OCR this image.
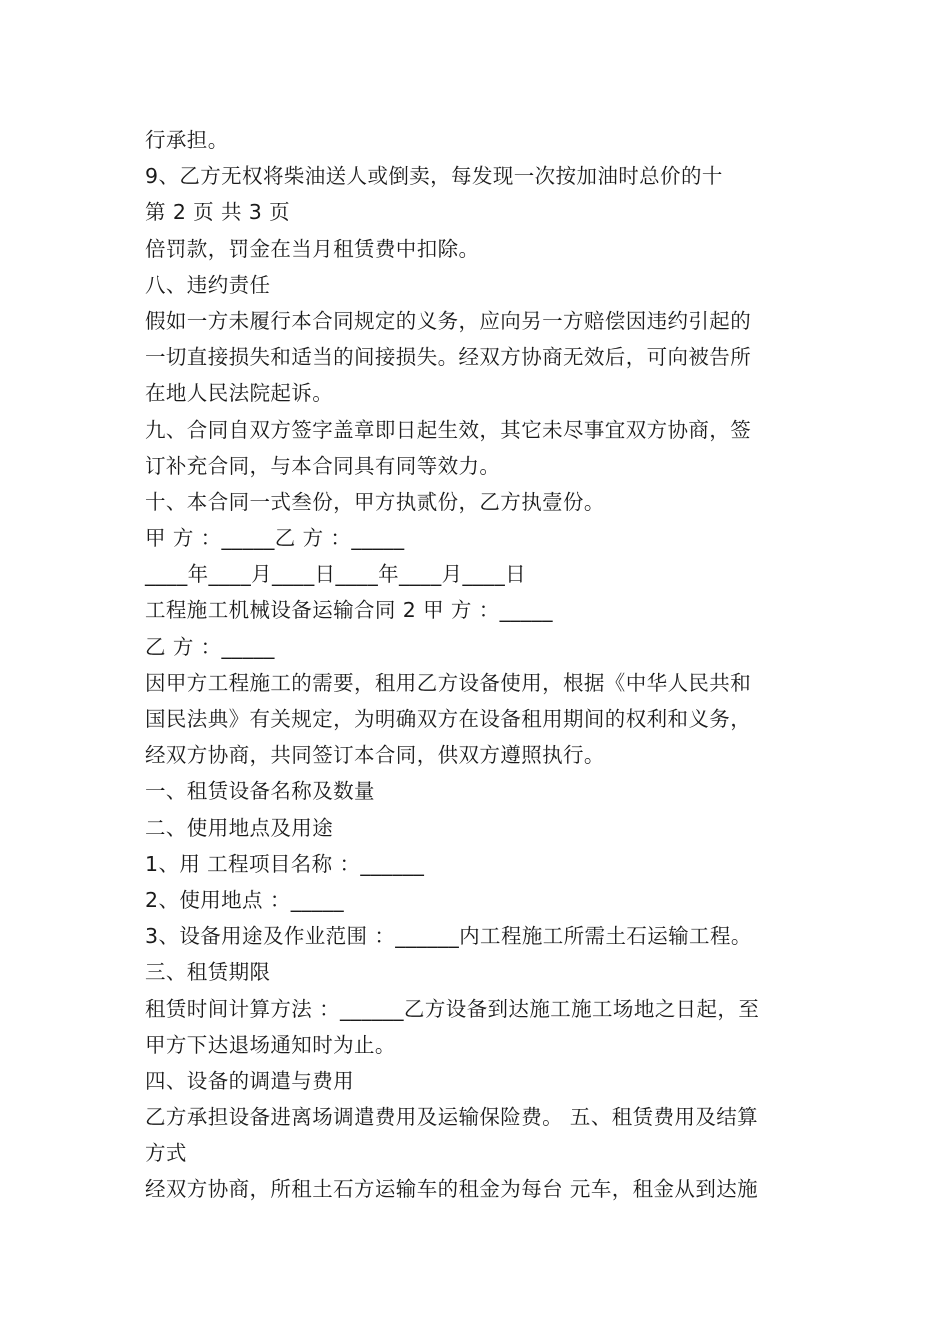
行承担。
9、乙方无权将柴油送人或倒卖，每发现一次按加油时总价的十
第 2 页 共 3 页
倍罚款，罚金在当月租赁费中扣除。
八、违约责任
假如一方未履行本合同规定的义务，应向另一方赔偿因违约引起的
一切直接损失和适当的间接损失。经双方协商无效后，可向被告所
在地人民法院起诉。
九、合同自双方签字盖章即日起生效，其它未尽事宜双方协商，签
订补充合同，与本合同具有同等效力。
十、本合同一式叁份，甲方执贰份，乙方执壹份。
甲 方 ：_____乙 方 ：_____
____年____月____日____年____月____日
工程施工机械设备运输合同 2 甲 方 ：_____
乙 方 ：_____
因甲方工程施工的需要，租用乙方设备使用，根据《中华人民共和
国民法典》有关规定，为明确双方在设备租用期间的权利和义务，
经双方协商，共同签订本合同，供双方遵照执行。
一、租赁设备名称及数量
二、使用地点及用途
1、用 工程项目名称 ：______
2、使用地点 ：_____
3、设备用途及作业范围 ：______内工程施工所需土石运输工程。
三、租赁期限
租赁时间计算方法 ：______乙方设备到达施工施工场地之日起，至
甲方下达退场通知时为止。
四、设备的调遣与费用
乙方承担设备进离场调遣费用及运输保险费。 五、租赁费用及结算
方式
经双方协商，所租土石方运输车的租金为每台 元车，租金从到达施
